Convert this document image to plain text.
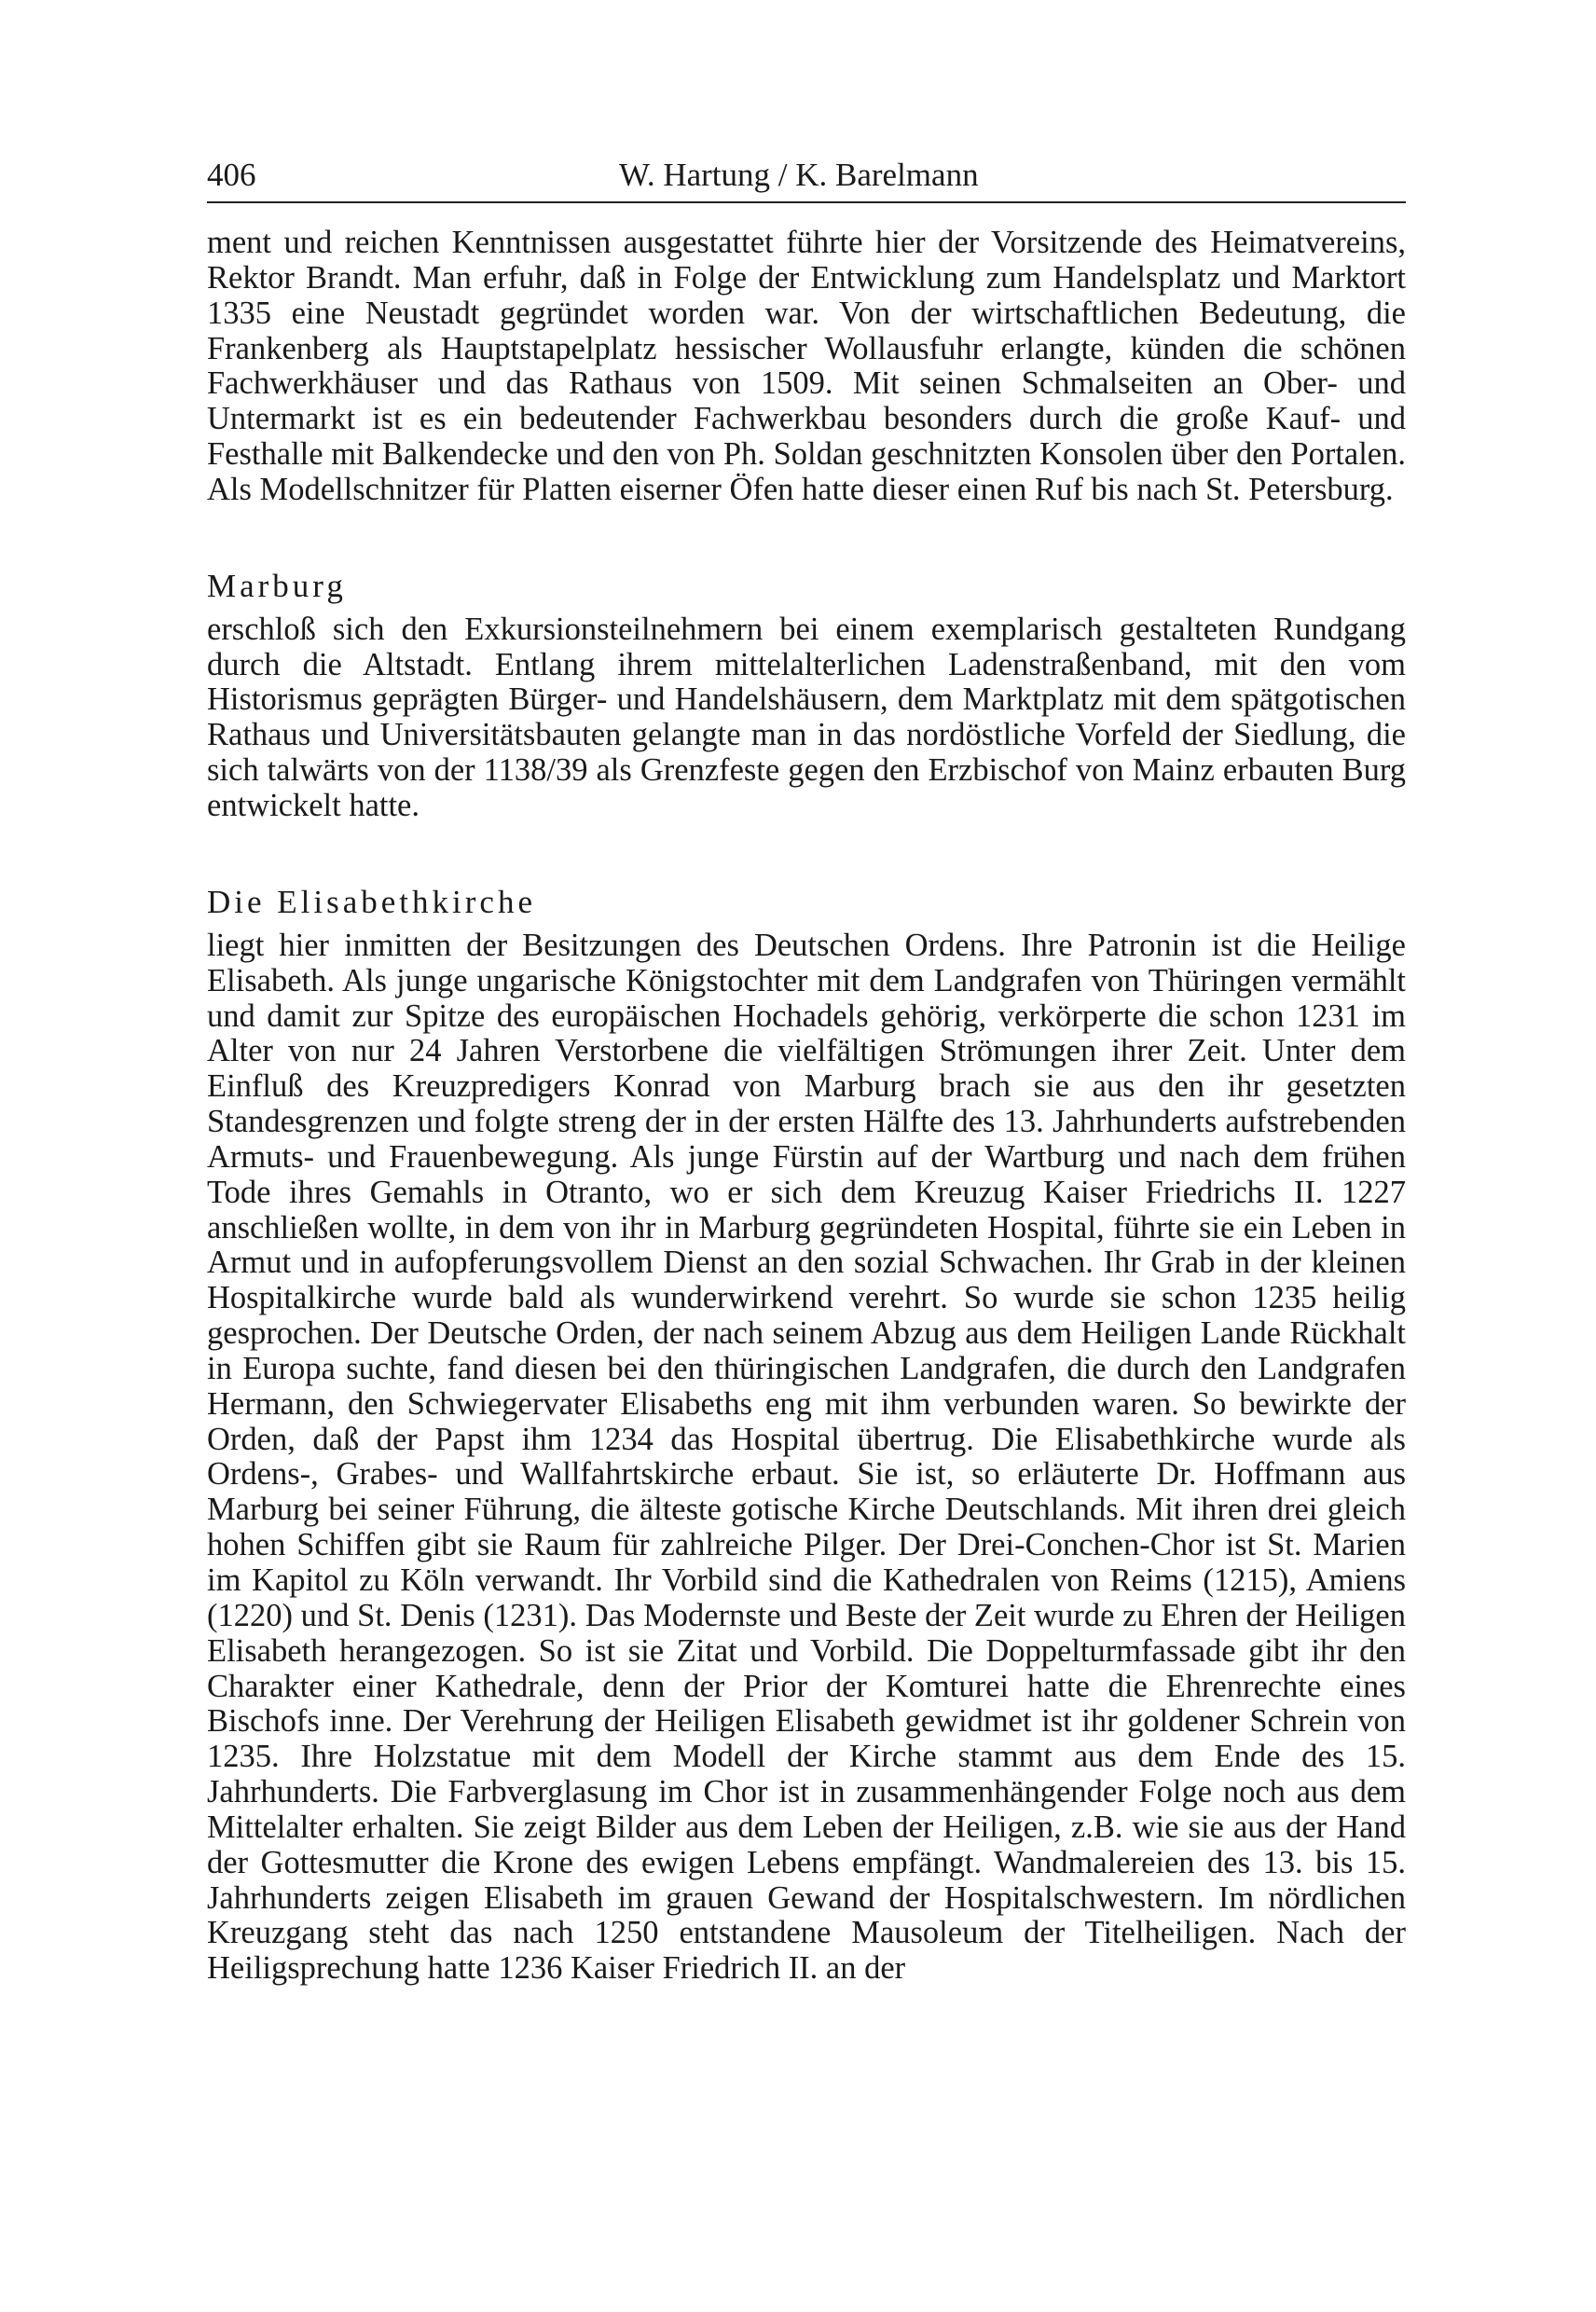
406	W. Hartung / K. Barelmann

ment und reichen Kenntnissen ausgestattet führte hier der Vorsitzende des Heimatvereins, Rektor Brandt. Man erfuhr, daß in Folge der Entwicklung zum Handelsplatz und Marktort 1335 eine Neustadt gegründet worden war. Von der wirtschaftlichen Bedeutung, die Frankenberg als Hauptstapelplatz hessischer Wollausfuhr erlangte, künden die schönen Fachwerkhäuser und das Rathaus von 1509. Mit seinen Schmalseiten an Ober- und Untermarkt ist es ein bedeutender Fachwerkbau besonders durch die große Kauf- und Festhalle mit Balkendecke und den von Ph. Soldan geschnitzten Konsolen über den Portalen. Als Modellschnitzer für Platten eiserner Öfen hatte dieser einen Ruf bis nach St. Petersburg.

Marburg

erschloß sich den Exkursionsteilnehmern bei einem exemplarisch gestalteten Rundgang durch die Altstadt. Entlang ihrem mittelalterlichen Ladenstraßenband, mit den vom Historismus geprägten Bürger- und Handelshäusern, dem Marktplatz mit dem spätgotischen Rathaus und Universitätsbauten gelangte man in das nordöstliche Vorfeld der Siedlung, die sich talwärts von der 1138/39 als Grenzfeste gegen den Erzbischof von Mainz erbauten Burg entwickelt hatte.

Die Elisabethkirche

liegt hier inmitten der Besitzungen des Deutschen Ordens. Ihre Patronin ist die Heilige Elisabeth. Als junge ungarische Königstochter mit dem Landgrafen von Thüringen vermählt und damit zur Spitze des europäischen Hochadels gehörig, verkörperte die schon 1231 im Alter von nur 24 Jahren Verstorbene die vielfältigen Strömungen ihrer Zeit. Unter dem Einfluß des Kreuzpredigers Konrad von Marburg brach sie aus den ihr gesetzten Standesgrenzen und folgte streng der in der ersten Hälfte des 13. Jahrhunderts aufstrebenden Armuts- und Frauenbewegung. Als junge Fürstin auf der Wartburg und nach dem frühen Tode ihres Gemahls in Otranto, wo er sich dem Kreuzug Kaiser Friedrichs II. 1227 anschließen wollte, in dem von ihr in Marburg gegründeten Hospital, führte sie ein Leben in Armut und in aufopferungsvollem Dienst an den sozial Schwachen. Ihr Grab in der kleinen Hospitalkirche wurde bald als wunderwirkend verehrt. So wurde sie schon 1235 heilig gesprochen. Der Deutsche Orden, der nach seinem Abzug aus dem Heiligen Lande Rückhalt in Europa suchte, fand diesen bei den thüringischen Landgrafen, die durch den Landgrafen Hermann, den Schwiegervater Elisabeths eng mit ihm verbunden waren. So bewirkte der Orden, daß der Papst ihm 1234 das Hospital übertrug. Die Elisabethkirche wurde als Ordens-, Grabes- und Wallfahrtskirche erbaut. Sie ist, so erläuterte Dr. Hoffmann aus Marburg bei seiner Führung, die älteste gotische Kirche Deutschlands. Mit ihren drei gleich hohen Schiffen gibt sie Raum für zahlreiche Pilger. Der Drei-Conchen-Chor ist St. Marien im Kapitol zu Köln verwandt. Ihr Vorbild sind die Kathedralen von Reims (1215), Amiens (1220) und St. Denis (1231). Das Modernste und Beste der Zeit wurde zu Ehren der Heiligen Elisabeth herangezogen. So ist sie Zitat und Vorbild. Die Doppelturmfassade gibt ihr den Charakter einer Kathedrale, denn der Prior der Komturei hatte die Ehrenrechte eines Bischofs inne. Der Verehrung der Heiligen Elisabeth gewidmet ist ihr goldener Schrein von 1235. Ihre Holzstatue mit dem Modell der Kirche stammt aus dem Ende des 15. Jahrhunderts. Die Farbverglasung im Chor ist in zusammenhängender Folge noch aus dem Mittelalter erhalten. Sie zeigt Bilder aus dem Leben der Heiligen, z.B. wie sie aus der Hand der Gottesmutter die Krone des ewigen Lebens empfängt. Wandmalereien des 13. bis 15. Jahrhunderts zeigen Elisabeth im grauen Gewand der Hospitalschwestern. Im nördlichen Kreuzgang steht das nach 1250 entstandene Mausoleum der Titelheiligen. Nach der Heiligsprechung hatte 1236 Kaiser Friedrich II. an der
